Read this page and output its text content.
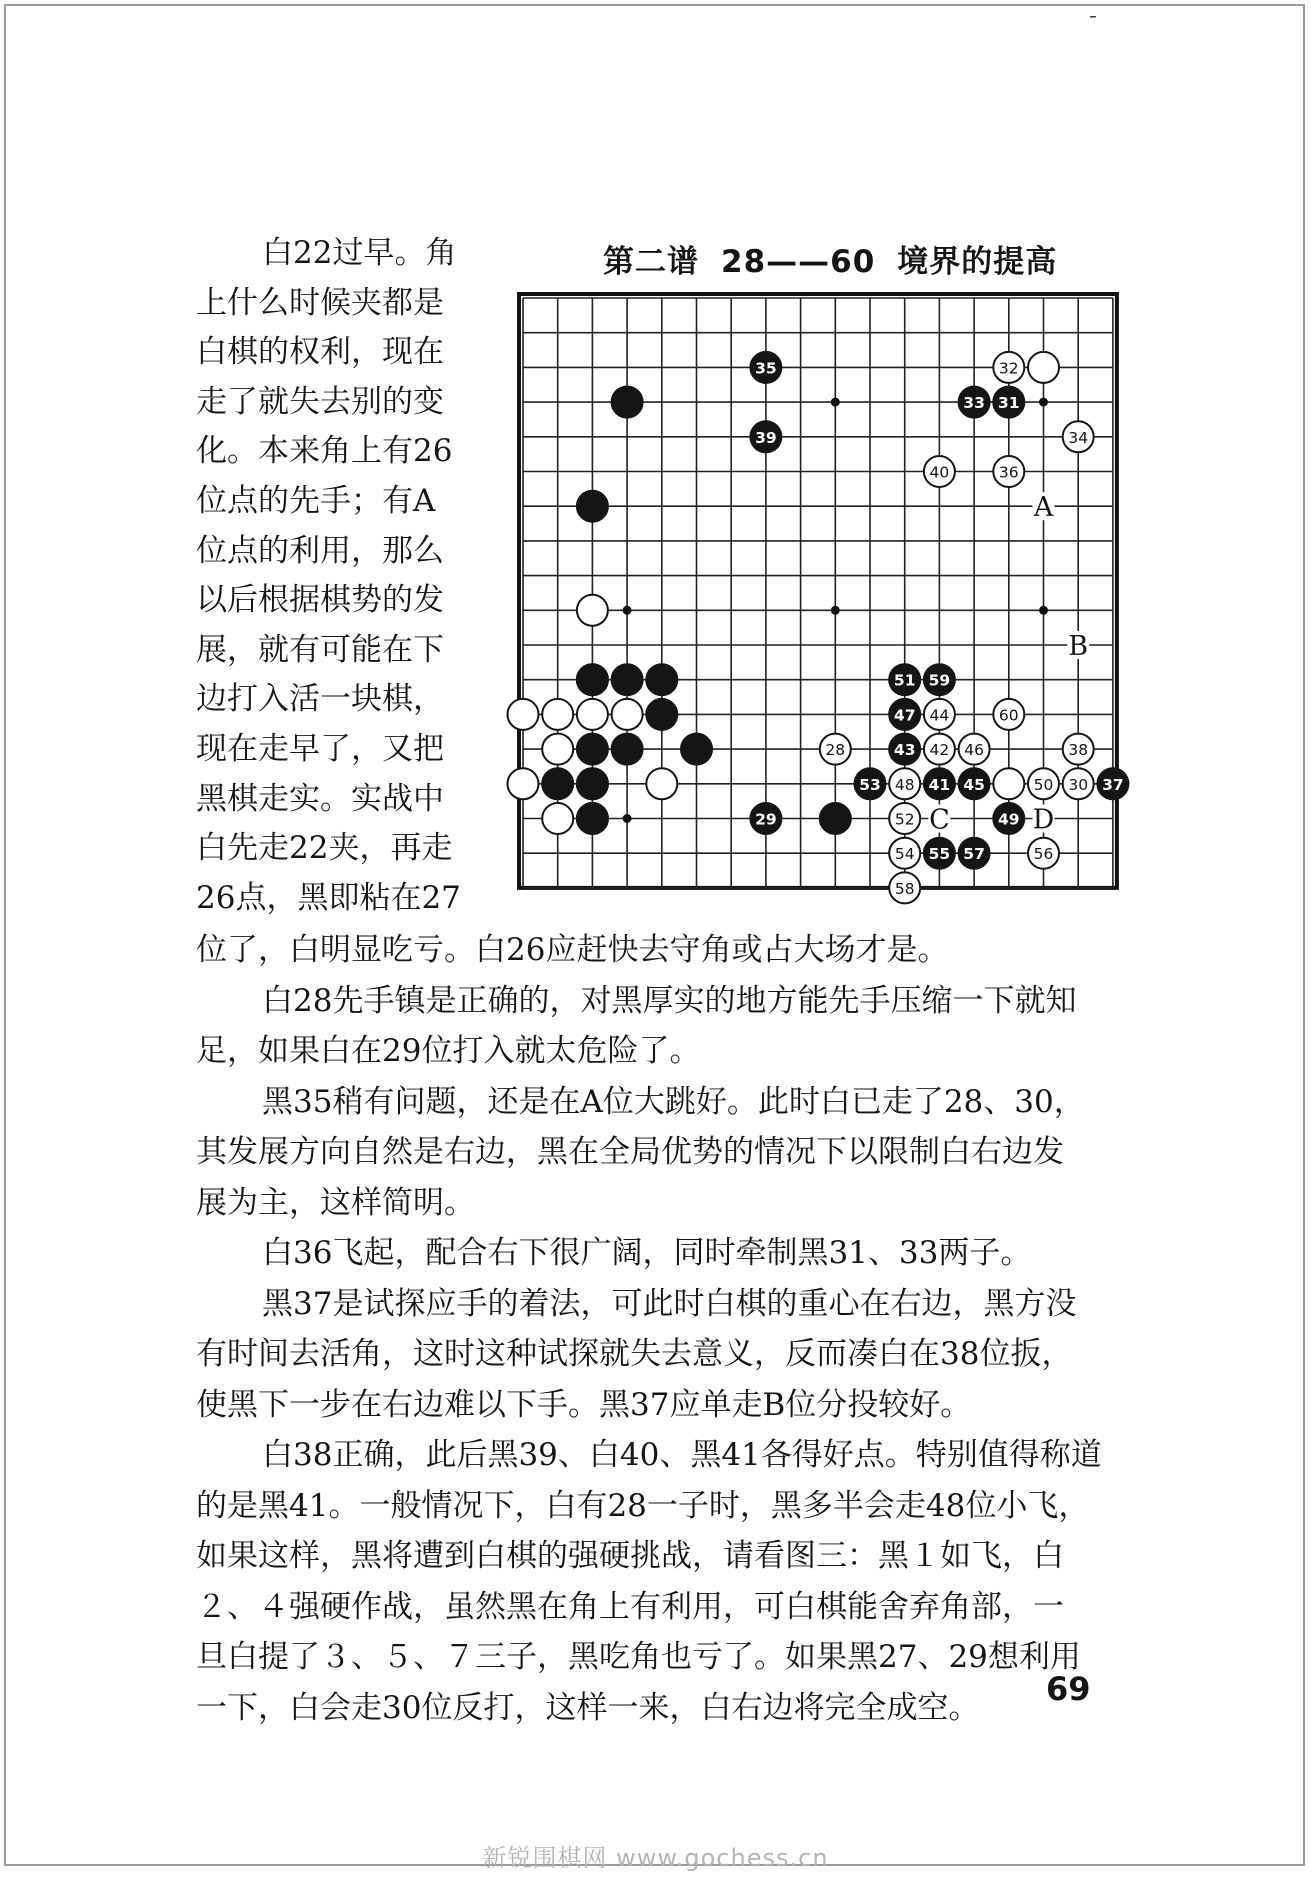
ˉ
白22过早。角
上什么时候夹都是
白棋的权利，现在
走了就失去别的变
化。本来角上有26
位点的先手；有A
位点的利用，那么
以后根据棋势的发
展，就有可能在下
边打入活一块棋，
现在走早了，又把
黑棋走实。实战中
白先走22夹，再走
26点，黑即粘在27
第二谱 28——60 境界的提高
35	32
33 31
39	34
40	36
51 59
47 44	60
28	43 42 46	38
53 48 41 45	50 30 37
29	52	49
54 55 57	56
58
A
B
C	D

位了，白明显吃亏。白26应赶快去守角或占大场才是。

白28先手镇是正确的，对黑厚实的地方能先手压缩一下就知

足，如果白在29位打入就太危险了。

黑35稍有问题，还是在A位大跳好。此时白已走了28、30，

其发展方向自然是右边，黑在全局优势的情况下以限制白右边发

展为主，这样简明。

白36飞起，配合右下很广阔，同时牵制黑31、33两子。

黑37是试探应手的着法，可此时白棋的重心在右边，黑方没

有时间去活角，这时这种试探就失去意义，反而凑白在38位扳，

使黑下一步在右边难以下手。黑37应单走B位分投较好。

白38正确，此后黑39、白40、黑41各得好点。特别值得称道

的是黑41。一般情况下，白有28一子时，黑多半会走48位小飞，

如果这样，黑将遭到白棋的强硬挑战，请看图三：黑１如飞，白

２、４强硬作战，虽然黑在角上有利用，可白棋能舍弃角部，一

旦白提了３、５、７三子，黑吃角也亏了。如果黑27、29想利用

一下，白会走30位反打，这样一来，白右边将完全成空。	69
新锐围棋网 www.gochess.cn
